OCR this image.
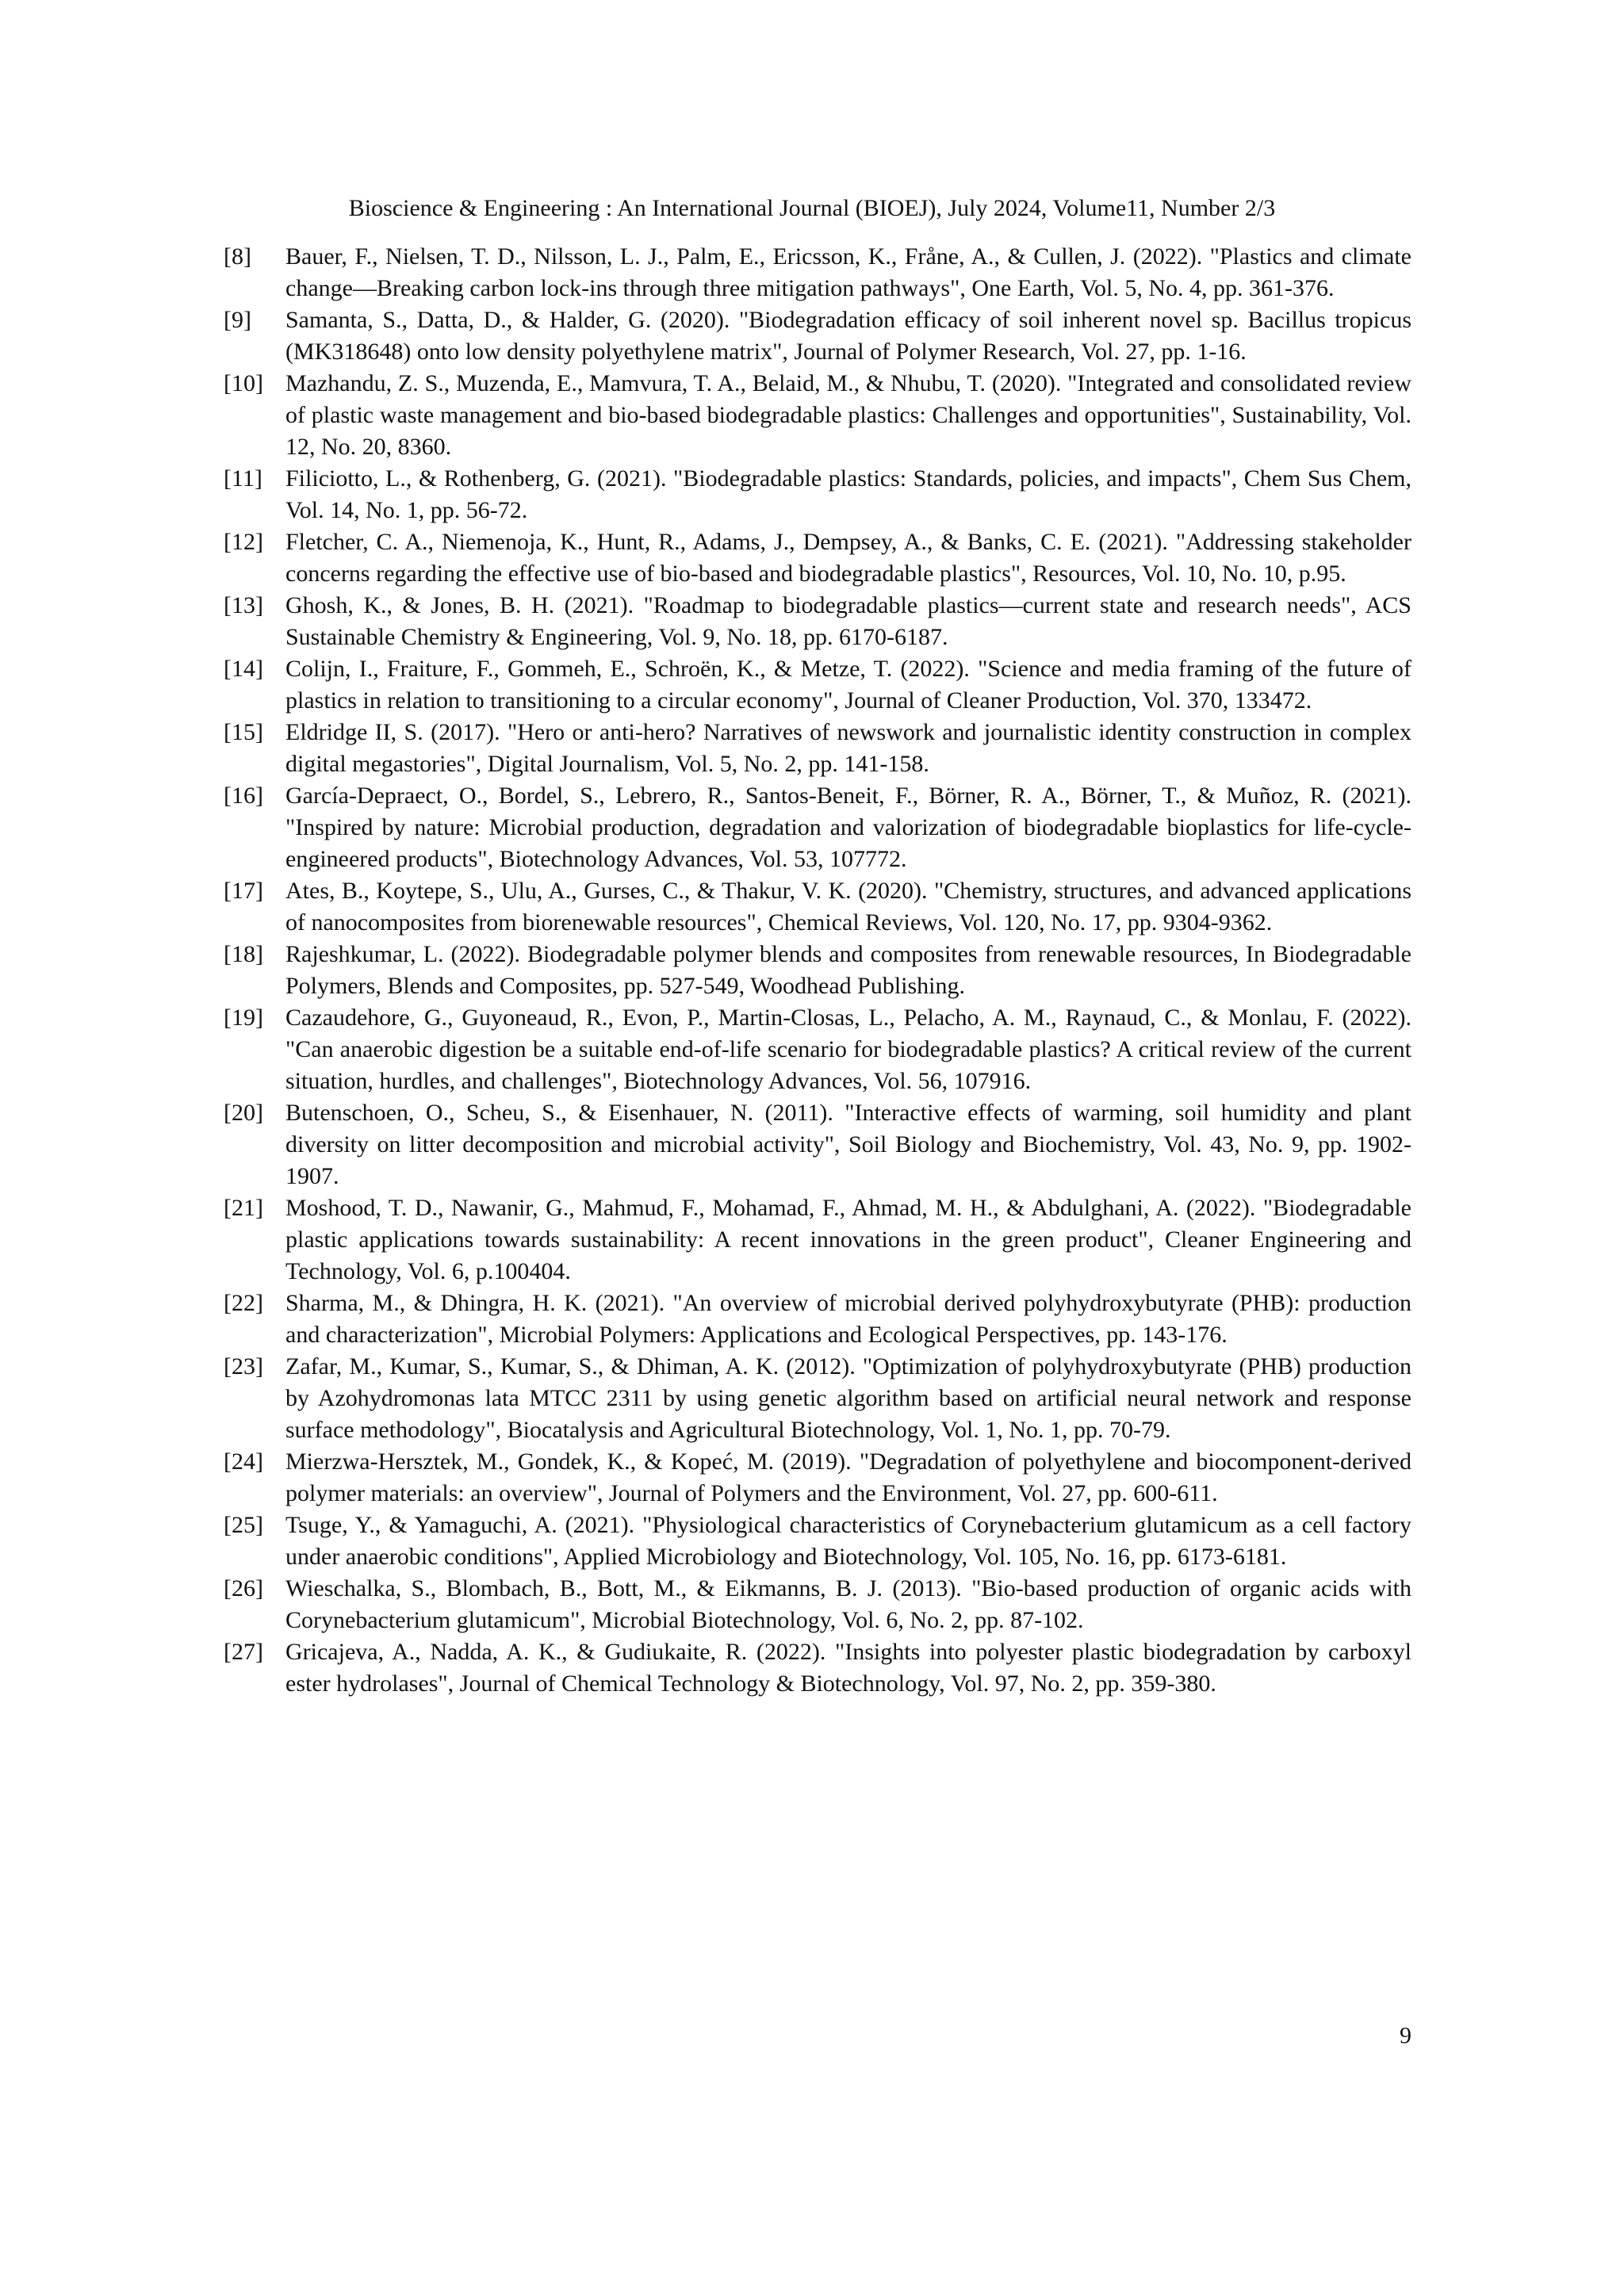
Bioscience & Engineering : An International Journal (BIOEJ), July 2024, Volume11, Number 2/3
[8]	Bauer, F., Nielsen, T. D., Nilsson, L. J., Palm, E., Ericsson, K., Fråne, A., & Cullen, J. (2022). "Plastics and climate change—Breaking carbon lock-ins through three mitigation pathways", One Earth, Vol. 5, No. 4, pp. 361-376.
[9]	Samanta, S., Datta, D., & Halder, G. (2020). "Biodegradation efficacy of soil inherent novel sp. Bacillus tropicus (MK318648) onto low density polyethylene matrix", Journal of Polymer Research, Vol. 27, pp. 1-16.
[10] Mazhandu, Z. S., Muzenda, E., Mamvura, T. A., Belaid, M., & Nhubu, T. (2020). "Integrated and consolidated review of plastic waste management and bio-based biodegradable plastics: Challenges and opportunities", Sustainability, Vol. 12, No. 20, 8360.
[11] Filiciotto, L., & Rothenberg, G. (2021). "Biodegradable plastics: Standards, policies, and impacts", Chem Sus Chem, Vol. 14, No. 1, pp. 56-72.
[12] Fletcher, C. A., Niemenoja, K., Hunt, R., Adams, J., Dempsey, A., & Banks, C. E. (2021). "Addressing stakeholder concerns regarding the effective use of bio-based and biodegradable plastics", Resources, Vol. 10, No. 10, p.95.
[13] Ghosh, K., & Jones, B. H. (2021). "Roadmap to biodegradable plastics—current state and research needs", ACS Sustainable Chemistry & Engineering, Vol. 9, No. 18, pp. 6170-6187.
[14] Colijn, I., Fraiture, F., Gommeh, E., Schroën, K., & Metze, T. (2022). "Science and media framing of the future of plastics in relation to transitioning to a circular economy", Journal of Cleaner Production, Vol. 370, 133472.
[15] Eldridge II, S. (2017). "Hero or anti-hero? Narratives of newswork and journalistic identity construction in complex digital megastories", Digital Journalism, Vol. 5, No. 2, pp. 141-158.
[16] García-Depraect, O., Bordel, S., Lebrero, R., Santos-Beneit, F., Börner, R. A., Börner, T., & Muñoz, R. (2021). "Inspired by nature: Microbial production, degradation and valorization of biodegradable bioplastics for life-cycle-engineered products", Biotechnology Advances, Vol. 53, 107772.
[17] Ates, B., Koytepe, S., Ulu, A., Gurses, C., & Thakur, V. K. (2020). "Chemistry, structures, and advanced applications of nanocomposites from biorenewable resources", Chemical Reviews, Vol. 120, No. 17, pp. 9304-9362.
[18] Rajeshkumar, L. (2022). Biodegradable polymer blends and composites from renewable resources, In Biodegradable Polymers, Blends and Composites, pp. 527-549, Woodhead Publishing.
[19] Cazaudehore, G., Guyoneaud, R., Evon, P., Martin-Closas, L., Pelacho, A. M., Raynaud, C., & Monlau, F. (2022). "Can anaerobic digestion be a suitable end-of-life scenario for biodegradable plastics? A critical review of the current situation, hurdles, and challenges", Biotechnology Advances, Vol. 56, 107916.
[20] Butenschoen, O., Scheu, S., & Eisenhauer, N. (2011). "Interactive effects of warming, soil humidity and plant diversity on litter decomposition and microbial activity", Soil Biology and Biochemistry, Vol. 43, No. 9, pp. 1902-1907.
[21] Moshood, T. D., Nawanir, G., Mahmud, F., Mohamad, F., Ahmad, M. H., & Abdulghani, A. (2022). "Biodegradable plastic applications towards sustainability: A recent innovations in the green product", Cleaner Engineering and Technology, Vol. 6, p.100404.
[22] Sharma, M., & Dhingra, H. K. (2021). "An overview of microbial derived polyhydroxybutyrate (PHB): production and characterization", Microbial Polymers: Applications and Ecological Perspectives, pp. 143-176.
[23] Zafar, M., Kumar, S., Kumar, S., & Dhiman, A. K. (2012). "Optimization of polyhydroxybutyrate (PHB) production by Azohydromonas lata MTCC 2311 by using genetic algorithm based on artificial neural network and response surface methodology", Biocatalysis and Agricultural Biotechnology, Vol. 1, No. 1, pp. 70-79.
[24] Mierzwa-Hersztek, M., Gondek, K., & Kopeć, M. (2019). "Degradation of polyethylene and biocomponent-derived polymer materials: an overview", Journal of Polymers and the Environment, Vol. 27, pp. 600-611.
[25] Tsuge, Y., & Yamaguchi, A. (2021). "Physiological characteristics of Corynebacterium glutamicum as a cell factory under anaerobic conditions", Applied Microbiology and Biotechnology, Vol. 105, No. 16, pp. 6173-6181.
[26] Wieschalka, S., Blombach, B., Bott, M., & Eikmanns, B. J. (2013). "Bio-based production of organic acids with Corynebacterium glutamicum", Microbial Biotechnology, Vol. 6, No. 2, pp. 87-102.
[27] Gricajeva, A., Nadda, A. K., & Gudiukaite, R. (2022). "Insights into polyester plastic biodegradation by carboxyl ester hydrolases", Journal of Chemical Technology & Biotechnology, Vol. 97, No. 2, pp. 359-380.
9
